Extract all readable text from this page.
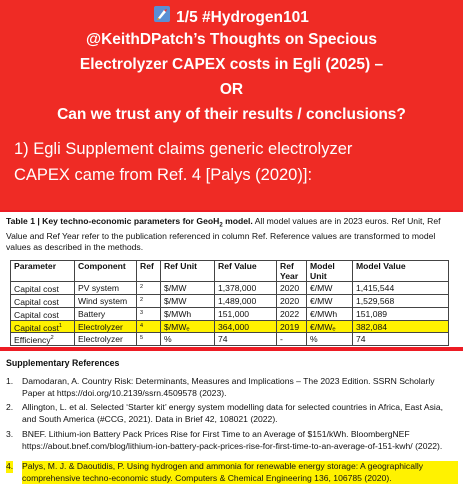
1/5 #Hydrogen101
@KeithDPatch’s Thoughts on Specious
Electrolyzer CAPEX costs in Egli (2025) –
OR
Can we trust any of their results / conclusions?
1) Egli Supplement claims generic electrolyzer
CAPEX came from Ref. 4 [Palys (2020)]:
Table 1 | Key techno-economic parameters for GeoH$_2$ model. All model values are in 2023 euros. Ref Unit, Ref Value and Ref Year refer to the publication referenced in column Ref. Reference values are transformed to model values as described in the methods.
Parameter	Component	Ref	Ref Unit	Ref Value	Ref Year	Model Unit	Model Value
Capital cost	PV system	2	$/MW	1,378,000	2020	€/MW	1,415,544
Capital cost	Wind system	2	$/MW	1,489,000	2020	€/MW	1,529,568
Capital cost	Battery	3	$/MWh	151,000	2022	€/MWh	151,089
Capital cost$^1$	Electrolyzer	4	$/MWₑ	364,000	2019	€/MWₑ	382,084
Efficiency$^2$	Electrolyzer	5	%	74	-	%	74
Supplementary References
1. Damodaran, A. Country Risk: Determinants, Measures and Implications – The 2023 Edition. SSRN Scholarly Paper at https://doi.org/10.2139/ssrn.4509578 (2023).
2. Allington, L. et al. Selected ‘Starter kit’ energy system modelling data for selected countries in Africa, East Asia, and South America (#CCG, 2021). Data in Brief 42, 108021 (2022).
3. BNEF. Lithium-ion Battery Pack Prices Rise for First Time to an Average of $151/kWh. BloombergNEF https://about.bnef.com/blog/lithium-ion-battery-pack-prices-rise-for-first-time-to-an-average-of-151-kwh/ (2022).
4. Palys, M. J. & Daoutidis, P. Using hydrogen and ammonia for renewable energy storage: A geographically comprehensive techno-economic study. Computers & Chemical Engineering 136, 106785 (2020).
